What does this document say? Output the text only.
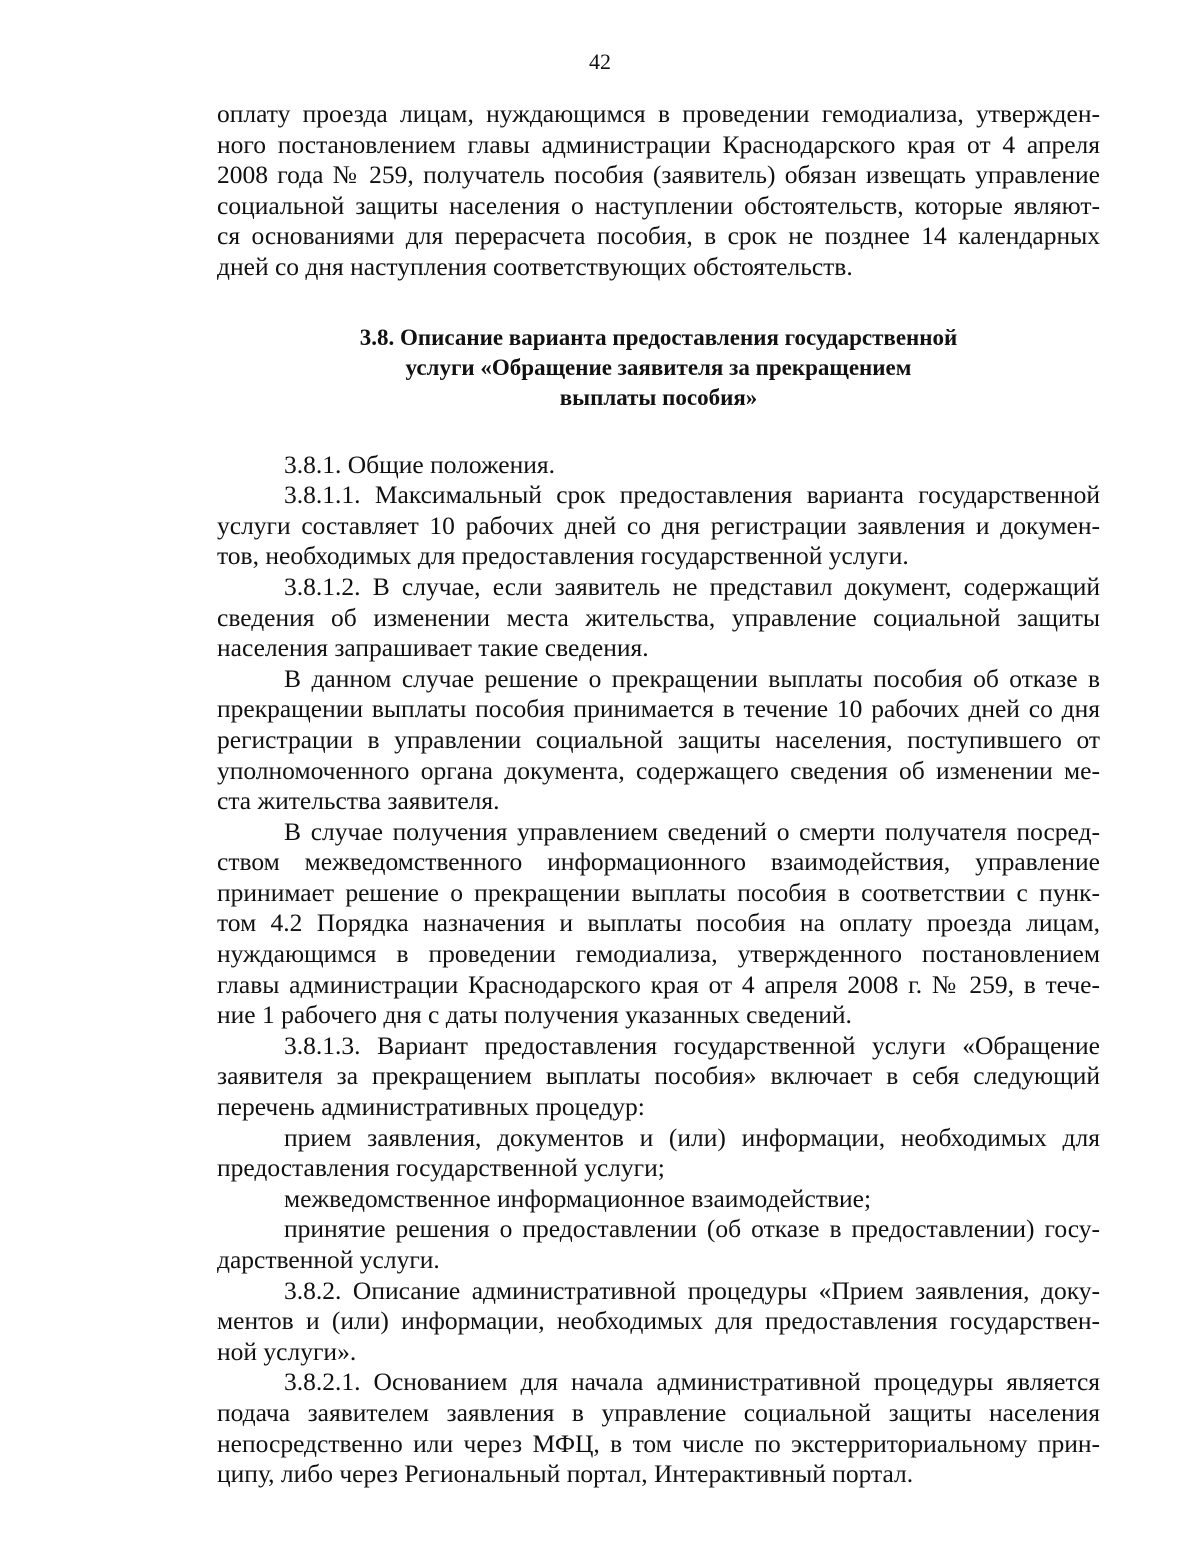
42
оплату проезда лицам, нуждающимся в проведении гемодиализа, утвержден-
ного постановлением главы администрации Краснодарского края от 4 апреля
2008 года № 259, получатель пособия (заявитель) обязан извещать управление
социальной защиты населения о наступлении обстоятельств, которые являют-
ся основаниями для перерасчета пособия, в срок не позднее 14 календарных
дней со дня наступления соответствующих обстоятельств.
3.8. Описание варианта предоставления государственной
услуги «Обращение заявителя за прекращением
выплаты пособия»
3.8.1. Общие положения.
3.8.1.1. Максимальный срок предоставления варианта государственной
услуги составляет 10 рабочих дней со дня регистрации заявления и докумен-
тов, необходимых для предоставления государственной услуги.
3.8.1.2. В случае, если заявитель не представил документ, содержащий
сведения об изменении места жительства, управление социальной защиты
населения запрашивает такие сведения.
В данном случае решение о прекращении выплаты пособия об отказе в
прекращении выплаты пособия принимается в течение 10 рабочих дней со дня
регистрации в управлении социальной защиты населения, поступившего от
уполномоченного органа документа, содержащего сведения об изменении ме-
ста жительства заявителя.
В случае получения управлением сведений о смерти получателя посред-
ством межведомственного информационного взаимодействия, управление
принимает решение о прекращении выплаты пособия в соответствии с пунк-
том 4.2 Порядка назначения и выплаты пособия на оплату проезда лицам,
нуждающимся в проведении гемодиализа, утвержденного постановлением
главы администрации Краснодарского края от 4 апреля 2008 г. № 259, в тече-
ние 1 рабочего дня с даты получения указанных сведений.
3.8.1.3. Вариант предоставления государственной услуги «Обращение
заявителя за прекращением выплаты пособия» включает в себя следующий
перечень административных процедур:
прием заявления, документов и (или) информации, необходимых для
предоставления государственной услуги;
межведомственное информационное взаимодействие;
принятие решения о предоставлении (об отказе в предоставлении) госу-
дарственной услуги.
3.8.2. Описание административной процедуры «Прием заявления, доку-
ментов и (или) информации, необходимых для предоставления государствен-
ной услуги».
3.8.2.1. Основанием для начала административной процедуры является
подача заявителем заявления в управление социальной защиты населения
непосредственно или через МФЦ, в том числе по экстерриториальному прин-
ципу, либо через Региональный портал, Интерактивный портал.
